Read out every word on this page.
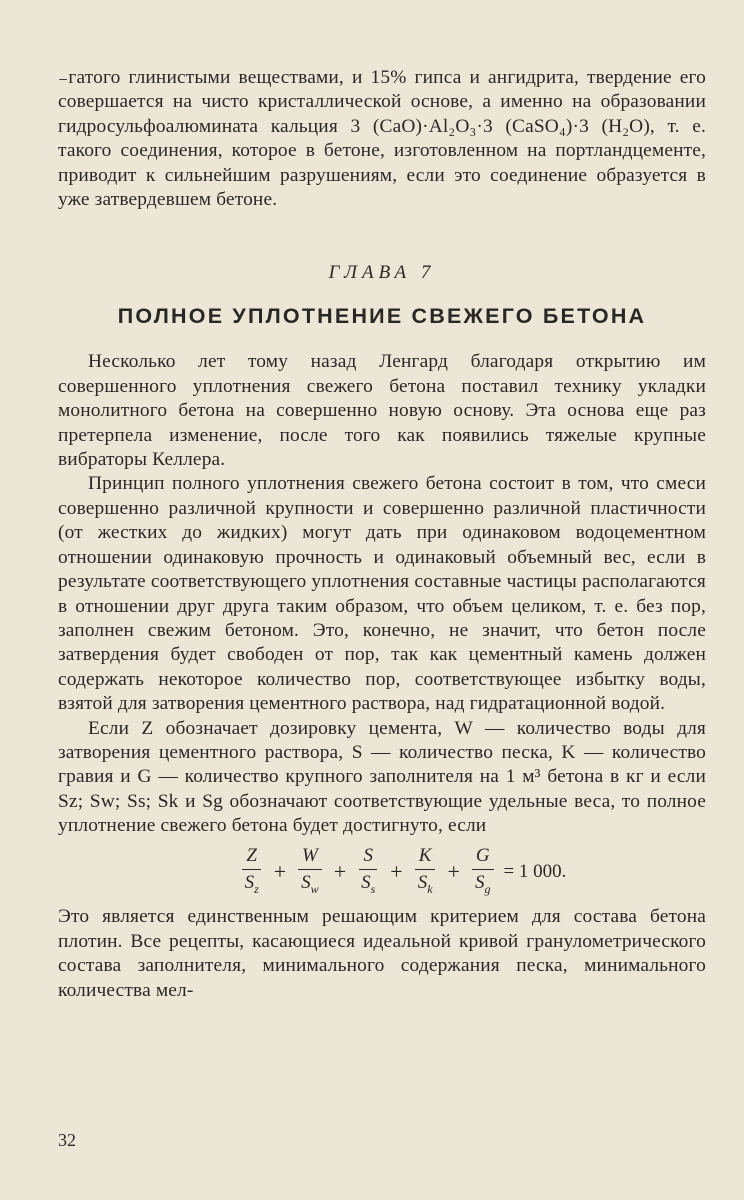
₋гатого глинистыми веществами, и 15% гипса и ангидрита, твердение его совершается на чисто кристаллической основе, а именно на образовании гидросульфоалюмината кальция 3 (CaO)·Al₂O₃·3 (CaSO₄)·3 (H₂O), т. е. такого соединения, которое в бетоне, изготовленном на портландцементе, приводит к сильнейшим разрушениям, если это соединение образуется в уже затвердевшем бетоне.

ГЛАВА 7
ПОЛНОЕ УПЛОТНЕНИЕ СВЕЖЕГО БЕТОНА

Несколько лет тому назад Ленгард благодаря открытию им совершенного уплотнения свежего бетона поставил технику укладки монолитного бетона на совершенно новую основу. Эта основа еще раз претерпела изменение, после того как появились тяжелые крупные вибраторы Келлера.

Принцип полного уплотнения свежего бетона состоит в том, что смеси совершенно различной крупности и совершенно различной пластичности (от жестких до жидких) могут дать при одинаковом водоцементном отношении одинаковую прочность и одинаковый объемный вес, если в результате соответствующего уплотнения составные частицы располагаются в отношении друг друга таким образом, что объем целиком, т. е. без пор, заполнен свежим бетоном. Это, конечно, не значит, что бетон после затвердения будет свободен от пор, так как цементный камень должен содержать некоторое количество пор, соответствующее избытку воды, взятой для затворения цементного раствора, над гидратационной водой.

Если Z обозначает дозировку цемента, W — количество воды для затворения цементного раствора, S — количество песка, K — количество гравия и G — количество крупного заполнителя на 1 м³ бетона в кг и если Sz; Sw; Ss; Sk и Sg обозначают соответствующие удельные веса, то полное уплотнение свежего бетона будет достигнуто, если

$\frac{Z}{S_z} + \frac{W}{S_w} + \frac{S}{S_s} + \frac{K}{S_k} + \frac{G}{S_g} = 1$ 000.

Это является единственным решающим критерием для состава бетона плотин. Все рецепты, касающиеся идеальной кривой гранулометрического состава заполнителя, минимального содержания песка, минимального количества мел-

32
